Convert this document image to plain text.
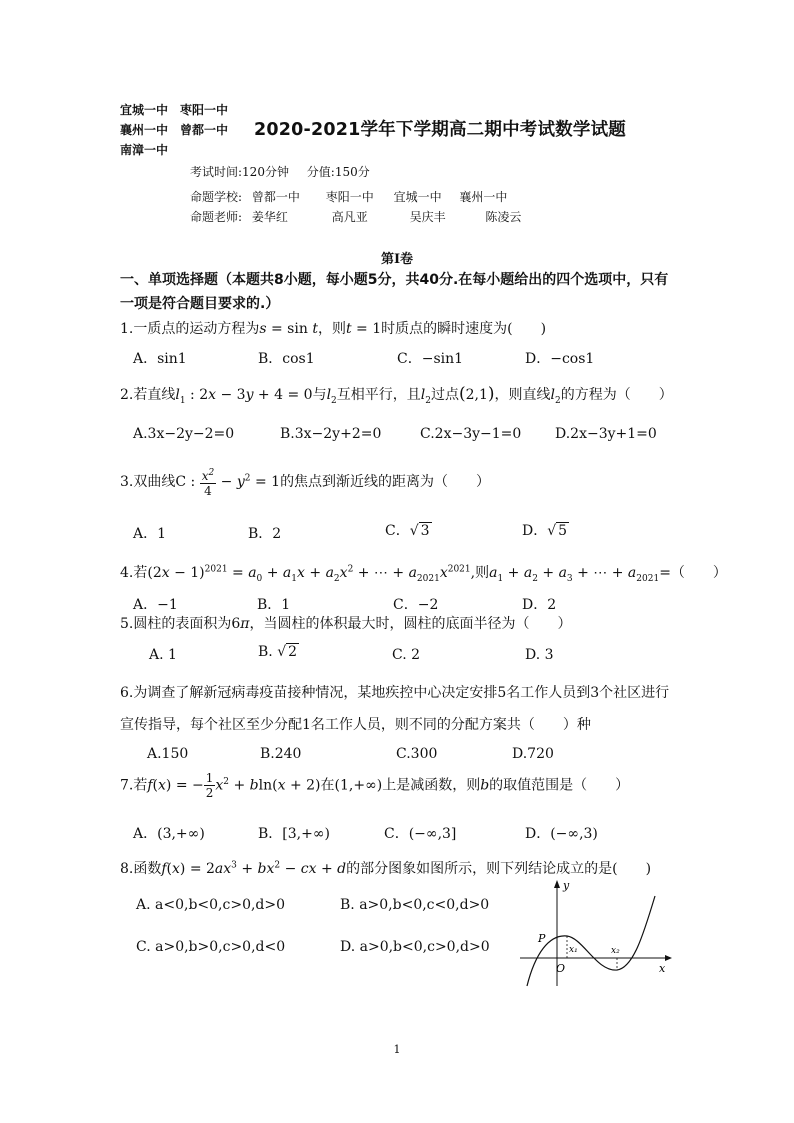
宜城一中　枣阳一中
襄州一中　曾都一中
南漳一中
2020-2021学年下学期高二期中考试数学试题
考试时间:120分钟 分值:150分
命题学校: 曾都一中 枣阳一中 宜城一中 襄州一中
命题老师: 姜华红	高凡亚	吴庆丰	陈凌云
第Ⅰ卷
一、单项选择题（本题共8小题，每小题5分，共40分.在每小题给出的四个选项中，只有一项是符合题目要求的.）
1.一质点的运动方程为s = sin t，则t = 1时质点的瞬时速度为(　　)
A．sin1	B．cos1	C．−sin1	D．−cos1
2.若直线$l_1$ : 2x − 3y + 4 = 0与$l_2$互相平行，且$l_2$过点(2,1)，则直线$l_2$的方程为（　　）
A.3x−2y−2=0	B.3x−2y+2=0	C.2x−3y−1=0 D.2x−3y+1=0
3.双曲线C : $\frac{x^2}{4} - y^2 = 1$的焦点到渐近线的距离为（　　）
A．1	B．2	C．√ 3	D．√ 5
4.若$(2x - 1)^{2021} = a_0 + a_1x + a_2x^2$ + ⋯ + $a_{2021}x^{2021}$,则$a_1 + a_2 + a_3$ + ⋯ + $a_{2021}=$（　　）
A．−1	B．1	C．−2	D．2
5.圆柱的表面积为6π，当圆柱的体积最大时，圆柱的底面半径为（　　）
A. 1	B. √ 2	C. 2	D. 3
6.为调查了解新冠病毒疫苗接种情况，某地疾控中心决定安排5名工作人员到3个社区进行
宣传指导，每个社区至少分配1名工作人员，则不同的分配方案共（　　）种
A.150	B.240	C.300	D.720
7.若f(x) = − $\frac{1}{2} x^2 + bln(x + 2)$在(1,+∞)上是减函数，则b的取值范围是（　　）
A．(3,+∞)	B．[3,+∞)	C．(−∞,3]	D．(−∞,3)
8.函数$f(x) = 2ax^3 + bx^2$ − cx + d的部分图象如图所示，则下列结论成立的是(　　)
A. a<0,b<0,c>0,d>0	B. a>0,b<0,c<0,d>0
C. a>0,b>0,c>0,d<0	D. a>0,b<0,c>0,d>0
y
x
P
O
x₁	x₂
1
